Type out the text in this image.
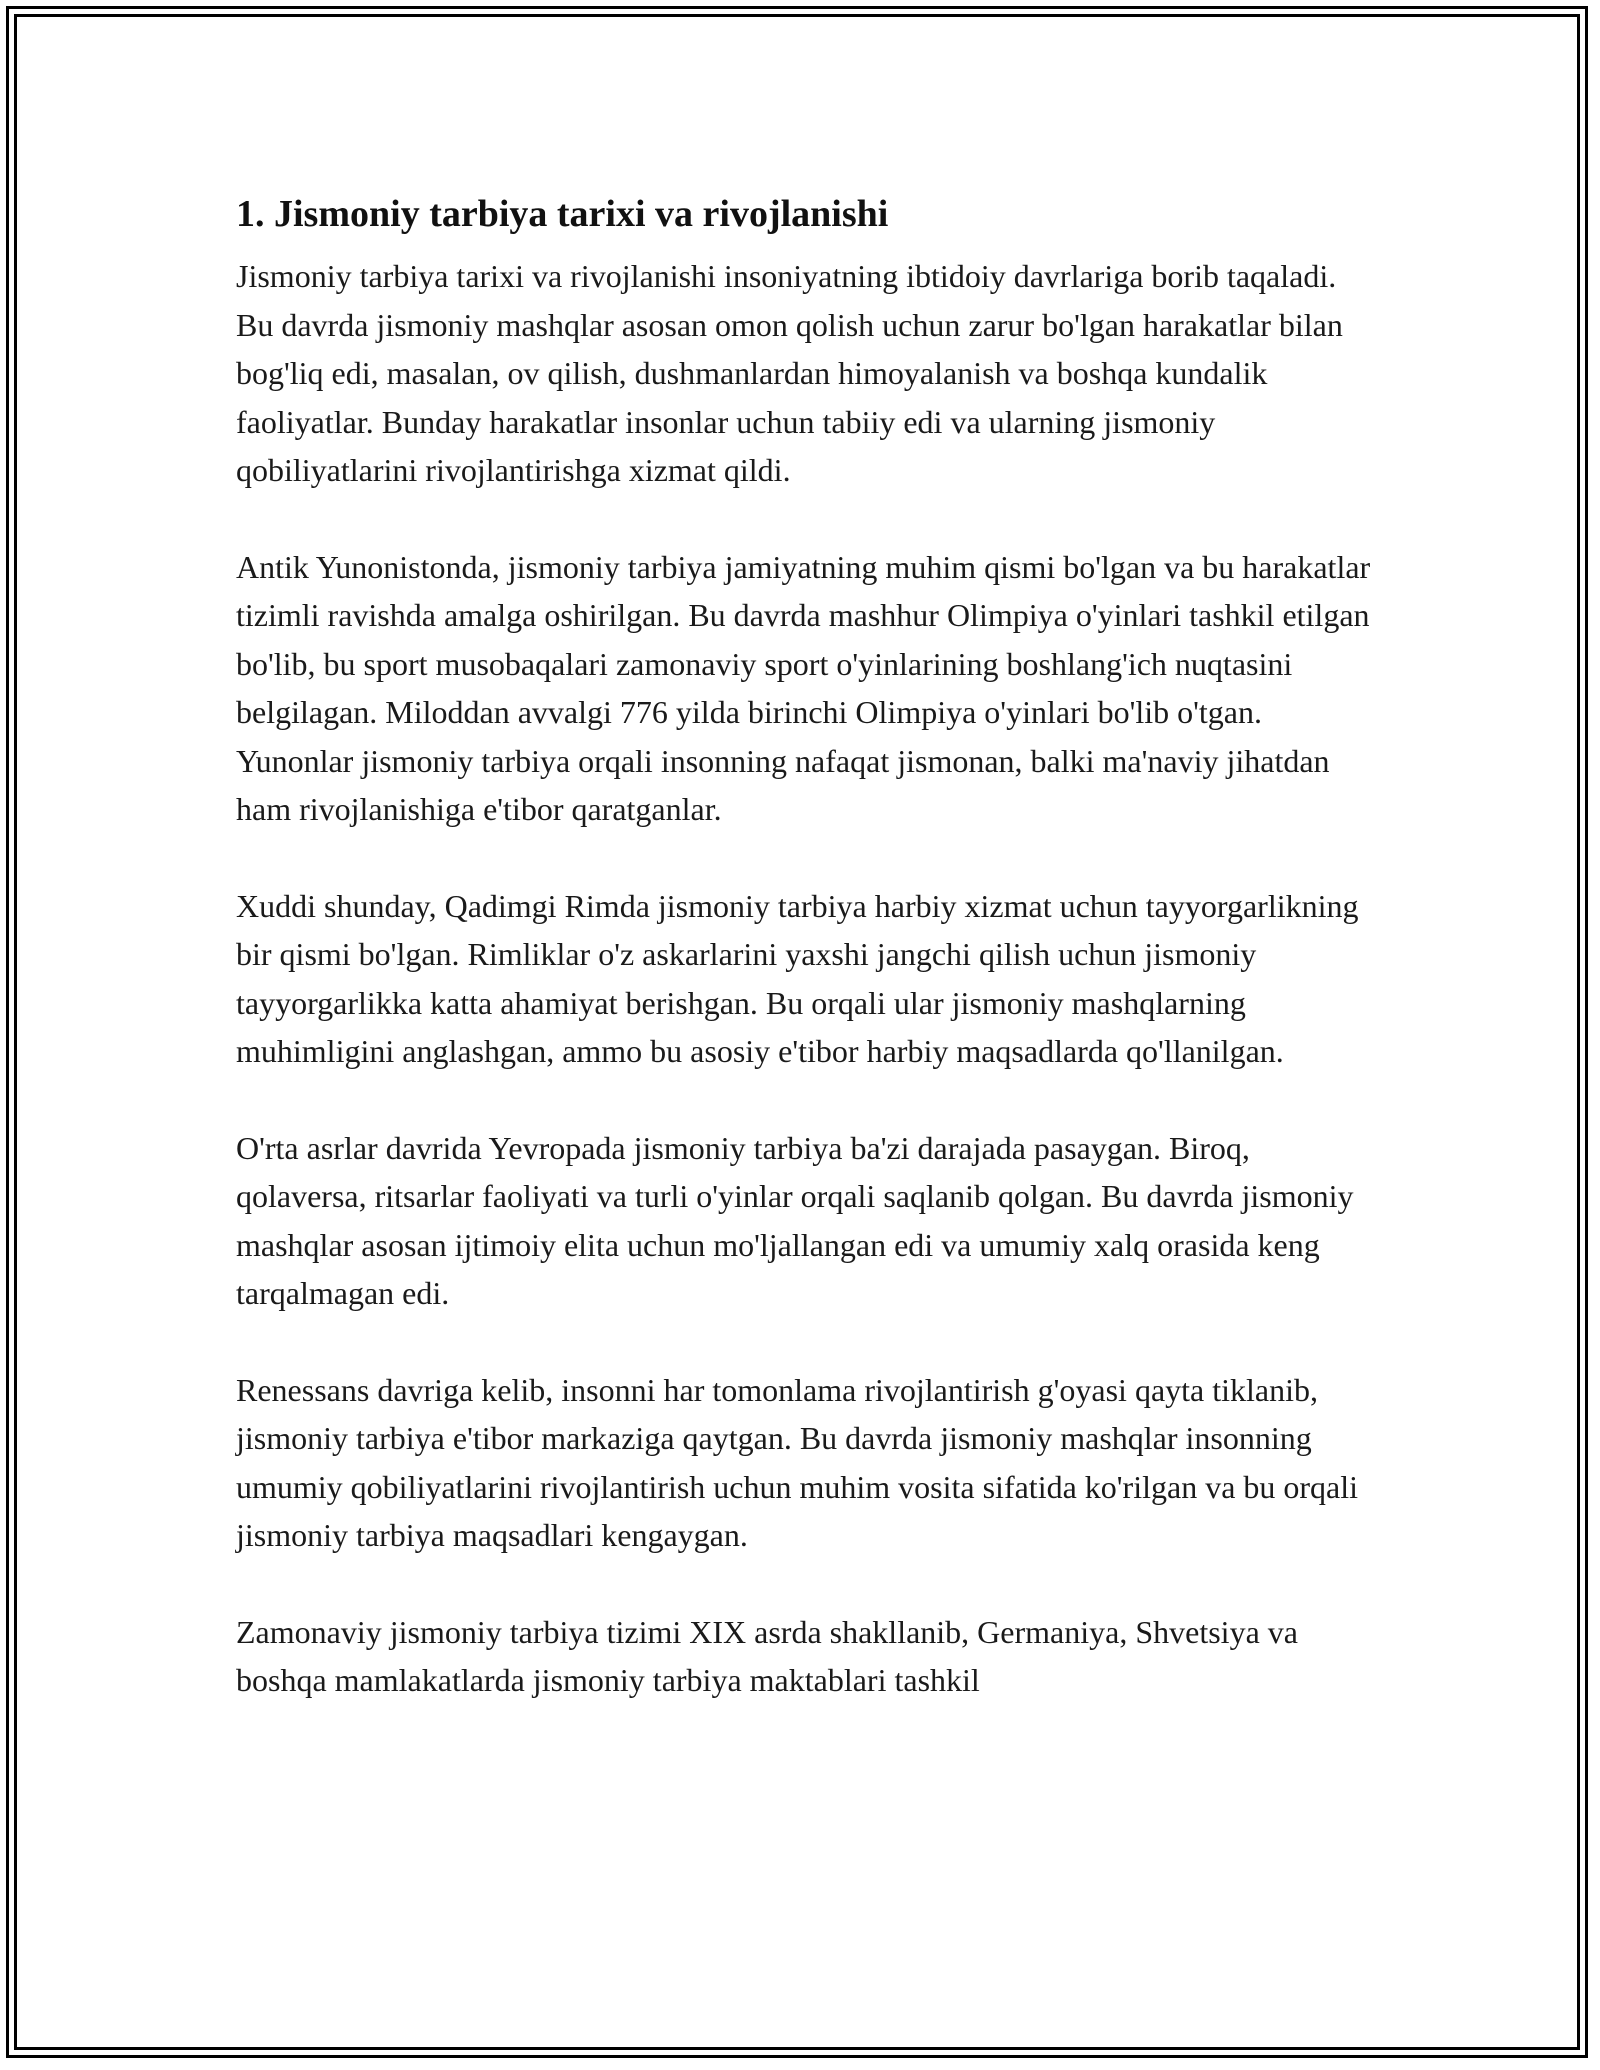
1. Jismoniy tarbiya tarixi va rivojlanishi

Jismoniy tarbiya tarixi va rivojlanishi insoniyatning ibtidoiy davrlariga borib taqaladi. Bu davrda jismoniy mashqlar asosan omon qolish uchun zarur bo'lgan harakatlar bilan bog'liq edi, masalan, ov qilish, dushmanlardan himoyalanish va boshqa kundalik faoliyatlar. Bunday harakatlar insonlar uchun tabiiy edi va ularning jismoniy qobiliyatlarini rivojlantirishga xizmat qildi.

Antik Yunonistonda, jismoniy tarbiya jamiyatning muhim qismi bo'lgan va bu harakatlar tizimli ravishda amalga oshirilgan. Bu davrda mashhur Olimpiya o'yinlari tashkil etilgan bo'lib, bu sport musobaqalari zamonaviy sport o'yinlarining boshlang'ich nuqtasini belgilagan. Miloddan avvalgi 776 yilda birinchi Olimpiya o'yinlari bo'lib o'tgan. Yunonlar jismoniy tarbiya orqali insonning nafaqat jismonan, balki ma'naviy jihatdan ham rivojlanishiga e'tibor qaratganlar.

Xuddi shunday, Qadimgi Rimda jismoniy tarbiya harbiy xizmat uchun tayyorgarlikning bir qismi bo'lgan. Rimliklar o'z askarlarini yaxshi jangchi qilish uchun jismoniy tayyorgarlikka katta ahamiyat berishgan. Bu orqali ular jismoniy mashqlarning muhimligini anglashgan, ammo bu asosiy e'tibor harbiy maqsadlarda qo'llanilgan.

O'rta asrlar davrida Yevropada jismoniy tarbiya ba'zi darajada pasaygan. Biroq, qolaversa, ritsarlar faoliyati va turli o'yinlar orqali saqlanib qolgan. Bu davrda jismoniy mashqlar asosan ijtimoiy elita uchun mo'ljallangan edi va umumiy xalq orasida keng tarqalmagan edi.

Renessans davriga kelib, insonni har tomonlama rivojlantirish g'oyasi qayta tiklanib, jismoniy tarbiya e'tibor markaziga qaytgan. Bu davrda jismoniy mashqlar insonning umumiy qobiliyatlarini rivojlantirish uchun muhim vosita sifatida ko'rilgan va bu orqali jismoniy tarbiya maqsadlari kengaygan.

Zamonaviy jismoniy tarbiya tizimi XIX asrda shakllanib, Germaniya, Shvetsiya va boshqa mamlakatlarda jismoniy tarbiya maktablari tashkil
